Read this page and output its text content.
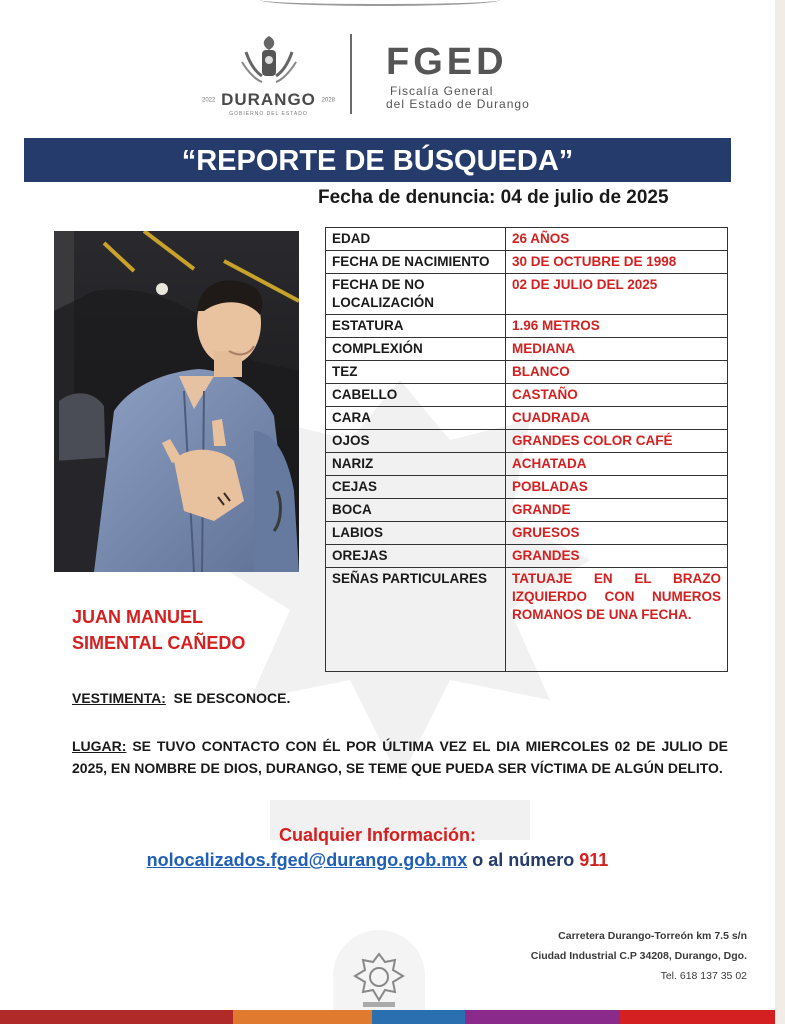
2022 DURANGO 2028
GOBIERNO DEL ESTADO
FGED
Fiscalía General
del Estado de Durango
“REPORTE DE BÚSQUEDA”
Fecha de denuncia: 04 de julio de 2025
JUAN MANUEL
SIMENTAL CAÑEDO
EDAD	26 AÑOS
FECHA DE NACIMIENTO	30 DE OCTUBRE DE 1998
FECHA DE NO LOCALIZACIÓN	02 DE JULIO DEL 2025
ESTATURA	1.96 METROS
COMPLEXIÓN	MEDIANA
TEZ	BLANCO
CABELLO	CASTAÑO
CARA	CUADRADA
OJOS	GRANDES COLOR CAFÉ
NARIZ	ACHATADA
CEJAS	POBLADAS
BOCA	GRANDE
LABIOS	GRUESOS
OREJAS	GRANDES
SEÑAS PARTICULARES	TATUAJE EN EL BRAZO IZQUIERDO CON NUMEROS ROMANOS DE UNA FECHA.
VESTIMENTA: SE DESCONOCE.
LUGAR: SE TUVO CONTACTO CON ÉL POR ÚLTIMA VEZ EL DIA MIERCOLES 02 DE JULIO DE 2025, EN NOMBRE DE DIOS, DURANGO, SE TEME QUE PUEDA SER VÍCTIMA DE ALGÚN DELITO.
Cualquier Información:
nolocalizados.fged@durango.gob.mx o al número 911
Carretera Durango-Torreón km 7.5 s/n
Ciudad Industrial C.P 34208, Durango, Dgo.
Tel. 618 137 35 02
